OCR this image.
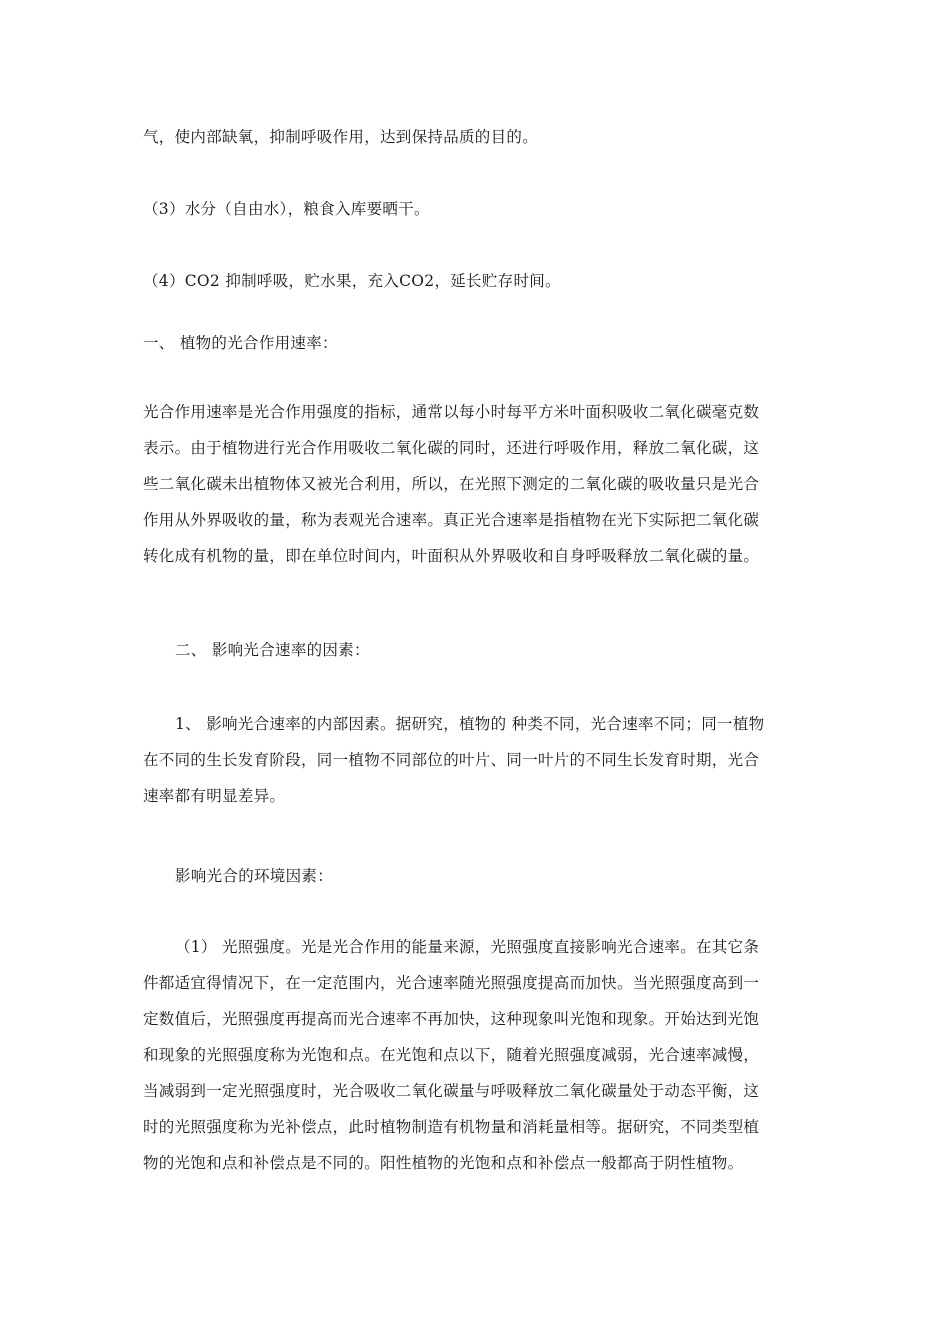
气，使内部缺氧，抑制呼吸作用，达到保持品质的目的。
（3）水分（自由水），粮食入库要晒干。
（4）CO2 抑制呼吸，贮水果，充入CO2，延长贮存时间。
一、 植物的光合作用速率：
光合作用速率是光合作用强度的指标，通常以每小时每平方米叶面积吸收二氧化碳毫克数
表示。由于植物进行光合作用吸收二氧化碳的同时，还进行呼吸作用，释放二氧化碳，这
些二氧化碳未出植物体又被光合利用，所以，在光照下测定的二氧化碳的吸收量只是光合
作用从外界吸收的量，称为表观光合速率。真正光合速率是指植物在光下实际把二氧化碳
转化成有机物的量，即在单位时间内，叶面积从外界吸收和自身呼吸释放二氧化碳的量。
二、 影响光合速率的因素：
1、 影响光合速率的内部因素。据研究，植物的 种类不同，光合速率不同；同一植物
在不同的生长发育阶段，同一植物不同部位的叶片、同一叶片的不同生长发育时期，光合
速率都有明显差异。
影响光合的环境因素：
（1） 光照强度。光是光合作用的能量来源，光照强度直接影响光合速率。在其它条
件都适宜得情况下，在一定范围内，光合速率随光照强度提高而加快。当光照强度高到一
定数值后，光照强度再提高而光合速率不再加快，这种现象叫光饱和现象。开始达到光饱
和现象的光照强度称为光饱和点。在光饱和点以下，随着光照强度减弱，光合速率减慢，
当减弱到一定光照强度时，光合吸收二氧化碳量与呼吸释放二氧化碳量处于动态平衡，这
时的光照强度称为光补偿点，此时植物制造有机物量和消耗量相等。据研究，不同类型植
物的光饱和点和补偿点是不同的。阳性植物的光饱和点和补偿点一般都高于阴性植物。
